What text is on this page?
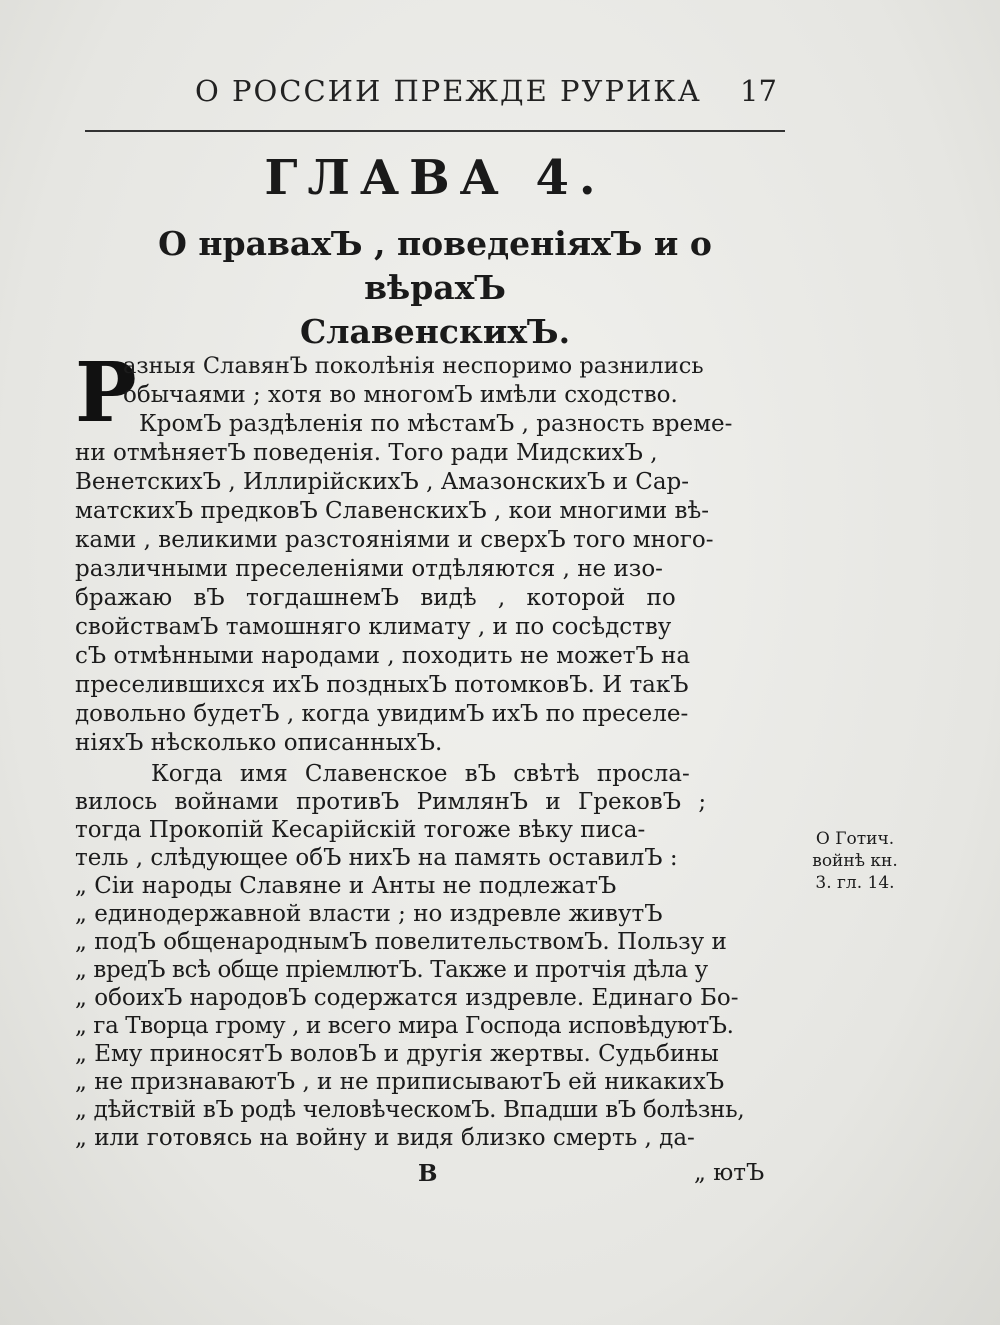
О РОССИИ ПРЕЖДЕ РУРИКА 17
ГЛАВА 4.
О нравахЪ , поведеніяхЪ и о вѣрахЪ
СлавенскихЪ.
Р
азныя СлавянЪ поколѣнія неспоримо разнились
обычаями ; хотя во многомЪ имѣли сходство.
КромЪ раздѣленія по мѣстамЪ , разность време-
ни отмѣняетЪ поведенія. Того ради МидскихЪ ,
ВенетскихЪ , ИллирійскихЪ , АмазонскихЪ и Сар-
матскихЪ предковЪ СлавенскихЪ , кои многими вѣ-
ками , великими разстояніями и сверхЪ того много-
различными преселеніями отдѣляются , не изо-
бражаю вЪ тогдашнемЪ видѣ , которой по
свойствамЪ тамошняго климату , и по сосѣдству
сЪ отмѣнными народами , походить не можетЪ на
преселившихся ихЪ поздныхЪ потомковЪ. И такЪ
довольно будетЪ , когда увидимЪ ихЪ по преселе-
ніяхЪ нѣсколько описанныхЪ.
Когда имя Славенское вЪ свѣтѣ просла-
вилось войнами противЪ РимлянЪ и ГрековЪ ;
тогда Прокопій Кесарійскій тогоже вѣку писа-
тель , слѣдующее обЪ нихЪ на память оставилЪ :
„ Сіи народы Славяне и Анты не подлежатЪ
„ единодержавной власти ; но издревле живутЪ
„ подЪ общенароднымЪ повелительствомЪ. Пользу и
„ вредЪ всѣ обще пріемлютЪ. Также и протчія дѣла у
„ обоихЪ народовЪ содержатся издревле. Единаго Бо-
„ га Творца грому , и всего мира Господа исповѣдуютЪ.
„ Ему приносятЪ воловЪ и другія жертвы. Судьбины
„ не признаваютЪ , и не приписываютЪ ей никакихЪ
„ дѣйствій вЪ родѣ человѣческомЪ. Впадши вЪ болѣзнь,
„ или готовясь на войну и видя близко смерть , да-
О Готич.
войнѣ кн.
3. гл. 14.
В	„ ютЪ
